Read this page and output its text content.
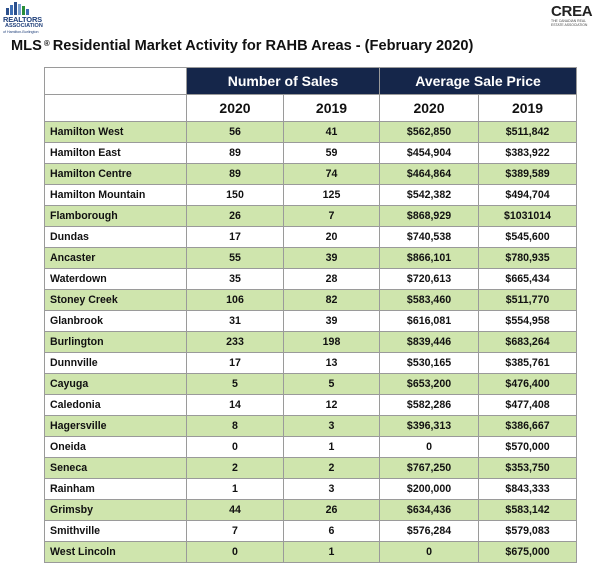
REALTORS
ASSOCIATION
of Hamilton-Burlington
CREA
THE CANADIAN REAL
ESTATE ASSOCIATION
MLS ® Residential Market Activity for RAHB Areas - (February 2020)
	Number of Sales		Average Sale Price	
	2020	2019	2020	2019
Hamilton West	56	41	$562,850	$511,842
Hamilton East	89	59	$454,904	$383,922
Hamilton Centre	89	74	$464,864	$389,589
Hamilton Mountain	150	125	$542,382	$494,704
Flamborough	26	7	$868,929	$1031014
Dundas	17	20	$740,538	$545,600
Ancaster	55	39	$866,101	$780,935
Waterdown	35	28	$720,613	$665,434
Stoney Creek	106	82	$583,460	$511,770
Glanbrook	31	39	$616,081	$554,958
Burlington	233	198	$839,446	$683,264
Dunnville	17	13	$530,165	$385,761
Cayuga	5	5	$653,200	$476,400
Caledonia	14	12	$582,286	$477,408
Hagersville	8	3	$396,313	$386,667
Oneida	0	1	0	$570,000
Seneca	2	2	$767,250	$353,750
Rainham	1	3	$200,000	$843,333
Grimsby	44	26	$634,436	$583,142
Smithville	7	6	$576,284	$579,083
West Lincoln	0	1	0	$675,000
